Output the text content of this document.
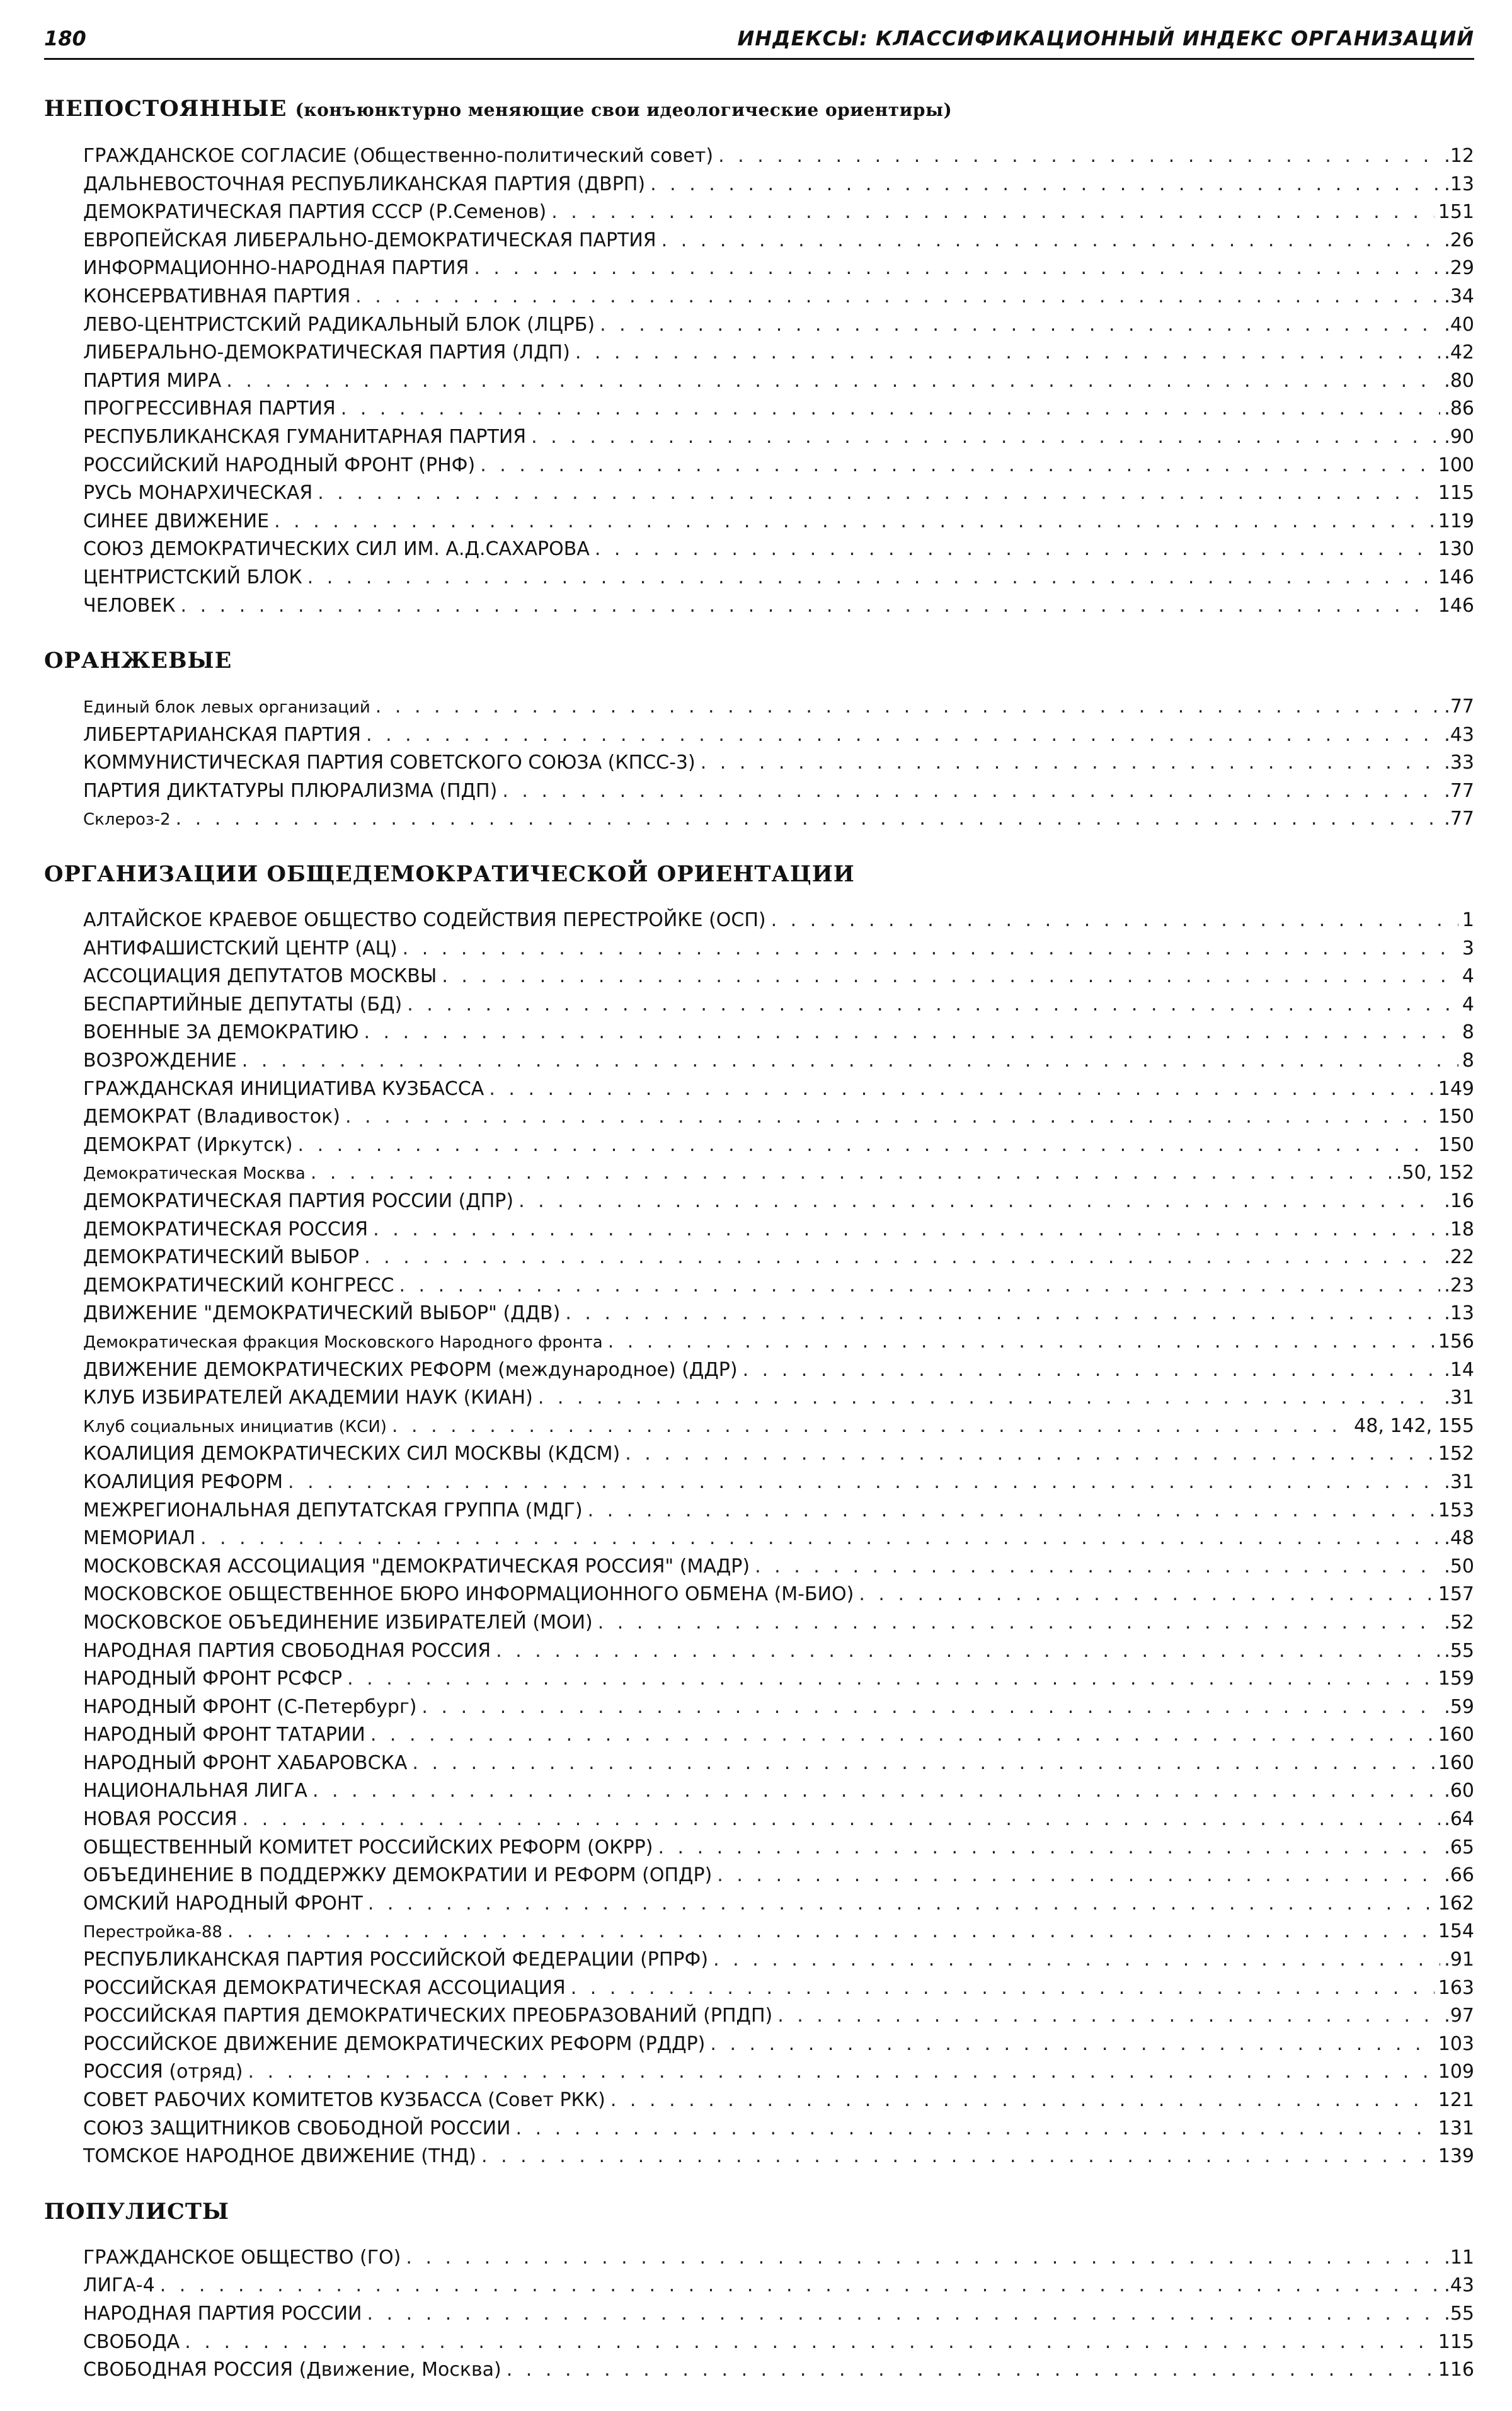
180	ИНДЕКСЫ: КЛАССИФИКАЦИОННЫЙ ИНДЕКС ОРГАНИЗАЦИЙ
НЕПОСТОЯННЫЕ (конъюнктурно меняющие свои идеологические ориентиры)
ГРАЖДАНСКОЕ СОГЛАСИЕ (Общественно-политический совет) . . .	.12
ДАЛЬНЕВОСТОЧНАЯ РЕСПУБЛИКАНСКАЯ ПАРТИЯ (ДВРП) . . .	.13
ДЕМОКРАТИЧЕСКАЯ ПАРТИЯ СССР (Р.Семенов) . . .	151
ЕВРОПЕЙСКАЯ ЛИБЕРАЛЬНО-ДЕМОКРАТИЧЕСКАЯ ПАРТИЯ . . .	.26
ИНФОРМАЦИОННО-НАРОДНАЯ ПАРТИЯ . . .	.29
КОНСЕРВАТИВНАЯ ПАРТИЯ . . .	.34
ЛЕВО-ЦЕНТРИСТСКИЙ РАДИКАЛЬНЫЙ БЛОК (ЛЦРБ) . . .	.40
ЛИБЕРАЛЬНО-ДЕМОКРАТИЧЕСКАЯ ПАРТИЯ (ЛДП) . . .	.42
ПАРТИЯ МИРА . . .	.80
ПРОГРЕССИВНАЯ ПАРТИЯ . . .	.86
РЕСПУБЛИКАНСКАЯ ГУМАНИТАРНАЯ ПАРТИЯ . . .	.90
РОССИЙСКИЙ НАРОДНЫЙ ФРОНТ (РНФ) . . .	100
РУСЬ МОНАРХИЧЕСКАЯ . . .	115
СИНЕЕ ДВИЖЕНИЕ . . .	119
СОЮЗ ДЕМОКРАТИЧЕСКИХ СИЛ ИМ. А.Д.САХАРОВА . . .	130
ЦЕНТРИСТСКИЙ БЛОК . . .	146
ЧЕЛОВЕК . . .	146
ОРАНЖЕВЫЕ
Единый блок левых организаций . . .	.77
ЛИБЕРТАРИАНСКАЯ ПАРТИЯ . . .	.43
КОММУНИСТИЧЕСКАЯ ПАРТИЯ СОВЕТСКОГО СОЮЗА (КПСС-3) . . .	.33
ПАРТИЯ ДИКТАТУРЫ ПЛЮРАЛИЗМА (ПДП) . . .	.77
Склероз-2 . . .	.77
ОРГАНИЗАЦИИ ОБЩЕДЕМОКРАТИЧЕСКОЙ ОРИЕНТАЦИИ
АЛТАЙСКОЕ КРАЕВОЕ ОБЩЕСТВО СОДЕЙСТВИЯ ПЕРЕСТРОЙКЕ (ОСП) . . .	1
АНТИФАШИСТСКИЙ ЦЕНТР (АЦ) . . .	3
АССОЦИАЦИЯ ДЕПУТАТОВ МОСКВЫ . . .	4
БЕСПАРТИЙНЫЕ ДЕПУТАТЫ (БД) . . .	4
ВОЕННЫЕ ЗА ДЕМОКРАТИЮ . . .	8
ВОЗРОЖДЕНИЕ . . .	8
ГРАЖДАНСКАЯ ИНИЦИАТИВА КУЗБАССА . . .	149
ДЕМОКРАТ (Владивосток) . . .	150
ДЕМОКРАТ (Иркутск) . . .	150
Демократическая Москва . . .	.50, 152
ДЕМОКРАТИЧЕСКАЯ ПАРТИЯ РОССИИ (ДПР) . . .	.16
ДЕМОКРАТИЧЕСКАЯ РОССИЯ . . .	.18
ДЕМОКРАТИЧЕСКИЙ ВЫБОР . . .	.22
ДЕМОКРАТИЧЕСКИЙ КОНГРЕСС . . .	.23
ДВИЖЕНИЕ "ДЕМОКРАТИЧЕСКИЙ ВЫБОР" (ДДВ) . . .	.13
Демократическая фракция Московского Народного фронта . . .	156
ДВИЖЕНИЕ ДЕМОКРАТИЧЕСКИХ РЕФОРМ (международное) (ДДР) . . .	.14
КЛУБ ИЗБИРАТЕЛЕЙ АКАДЕМИИ НАУК (КИАН) . . .	.31
Клуб социальных инициатив (КСИ) . . .	48, 142, 155
КОАЛИЦИЯ ДЕМОКРАТИЧЕСКИХ СИЛ МОСКВЫ (КДСМ) . . .	152
КОАЛИЦИЯ РЕФОРМ . . .	.31
МЕЖРЕГИОНАЛЬНАЯ ДЕПУТАТСКАЯ ГРУППА (МДГ) . . .	153
МЕМОРИАЛ . . .	.48
МОСКОВСКАЯ АССОЦИАЦИЯ "ДЕМОКРАТИЧЕСКАЯ РОССИЯ" (МАДР) . . .	.50
МОСКОВСКОЕ ОБЩЕСТВЕННОЕ БЮРО ИНФОРМАЦИОННОГО ОБМЕНА (М-БИО) . . .	157
МОСКОВСКОЕ ОБЪЕДИНЕНИЕ ИЗБИРАТЕЛЕЙ (МОИ) . . .	.52
НАРОДНАЯ ПАРТИЯ СВОБОДНАЯ РОССИЯ . . .	.55
НАРОДНЫЙ ФРОНТ РСФСР . . .	159
НАРОДНЫЙ ФРОНТ (С-Петербург) . . .	.59
НАРОДНЫЙ ФРОНТ ТАТАРИИ . . .	160
НАРОДНЫЙ ФРОНТ ХАБАРОВСКА . . .	160
НАЦИОНАЛЬНАЯ ЛИГА . . .	.60
НОВАЯ РОССИЯ . . .	.64
ОБЩЕСТВЕННЫЙ КОМИТЕТ РОССИЙСКИХ РЕФОРМ (ОКРР) . . .	.65
ОБЪЕДИНЕНИЕ В ПОДДЕРЖКУ ДЕМОКРАТИИ И РЕФОРМ (ОПДР) . . .	.66
ОМСКИЙ НАРОДНЫЙ ФРОНТ . . .	162
Перестройка-88 . . .	154
РЕСПУБЛИКАНСКАЯ ПАРТИЯ РОССИЙСКОЙ ФЕДЕРАЦИИ (РПРФ) . . .	.91
РОССИЙСКАЯ ДЕМОКРАТИЧЕСКАЯ АССОЦИАЦИЯ . . .	163
РОССИЙСКАЯ ПАРТИЯ ДЕМОКРАТИЧЕСКИХ ПРЕОБРАЗОВАНИЙ (РПДП) . . .	.97
РОССИЙСКОЕ ДВИЖЕНИЕ ДЕМОКРАТИЧЕСКИХ РЕФОРМ (РДДР) . . .	103
РОССИЯ (отряд) . . .	109
СОВЕТ РАБОЧИХ КОМИТЕТОВ КУЗБАССА (Совет РКК) . . .	121
СОЮЗ ЗАЩИТНИКОВ СВОБОДНОЙ РОССИИ . . .	131
ТОМСКОЕ НАРОДНОЕ ДВИЖЕНИЕ (ТНД) . . .	139
ПОПУЛИСТЫ
ГРАЖДАНСКОЕ ОБЩЕСТВО (ГО) . . .	.11
ЛИГА-4 . . .	.43
НАРОДНАЯ ПАРТИЯ РОССИИ . . .	.55
СВОБОДА . . .	115
СВОБОДНАЯ РОССИЯ (Движение, Москва) . . .	116
